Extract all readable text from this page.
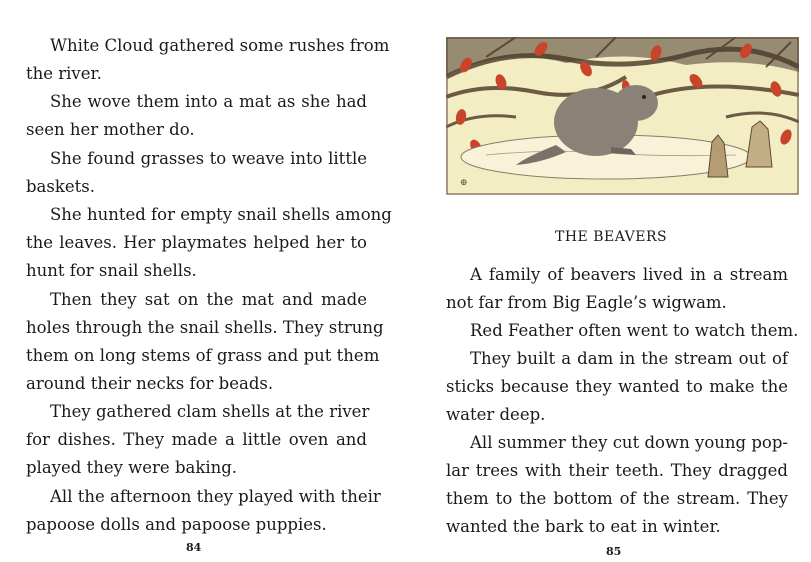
White Cloud gathered some rushes from
the river.
She wove them into a mat as she had
seen her mother do.
She found grasses to weave into little
baskets.
She hunted for empty snail shells among
the leaves. Her playmates helped her to
hunt for snail shells.
Then they sat on the mat and made
holes through the snail shells. They strung
them on long stems of grass and put them
around their necks for beads.
They gathered clam shells at the river
for dishes. They made a little oven and
played they were baking.
All the afternoon they played with their
papoose dolls and papoose puppies.
84
⊕
THE BEAVERS
A family of beavers lived in a stream
not far from Big Eagle’s wigwam.
Red Feather often went to watch them.
They built a dam in the stream out of
sticks because they wanted to make the
water deep.
All summer they cut down young pop-
lar trees with their teeth. They dragged
them to the bottom of the stream. They
wanted the bark to eat in winter.
85
